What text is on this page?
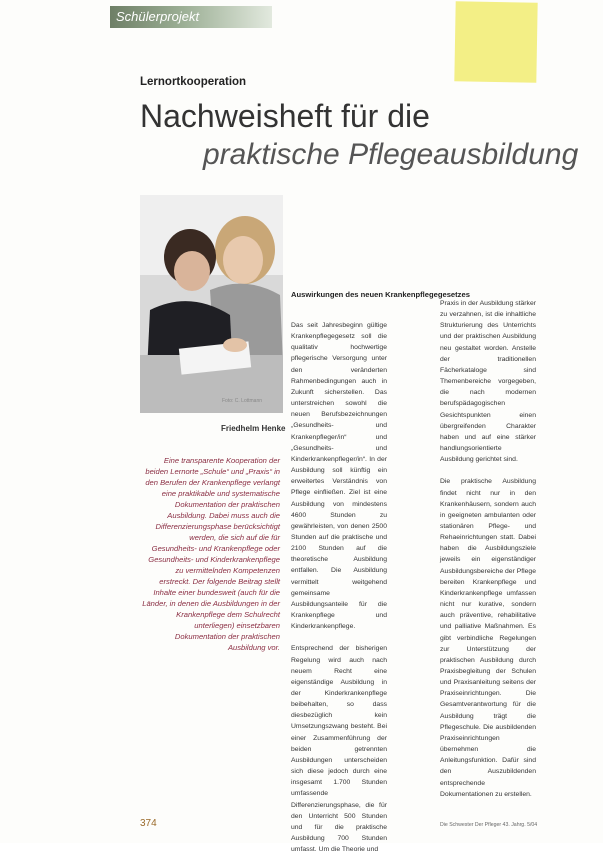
Schülerprojekt
Lernortkooperation
Nachweisheft für die
praktische Pflegeausbildung
Foto: C. Lottmann
Friedhelm Henke

Eine transparente Kooperation der beiden Lernorte „Schule“ und „Praxis“ in den Berufen der Krankenpflege verlangt eine praktikable und systematische Dokumentation der praktischen Ausbildung. Dabei muss auch die Differenzierungsphase berücksichtigt werden, die sich auf die für Gesundheits- und Krankenpflege oder Gesundheits- und Kinderkrankenpflege zu vermittelnden Kompetenzen erstreckt. Der folgende Beitrag stellt Inhalte einer bundesweit (auch für die Länder, in denen die Ausbildungen in der Krankenpflege dem Schulrecht unterliegen) einsetzbaren Dokumentation der praktischen Ausbildung vor.

Auswirkungen des neuen Krankenpflegegesetzes

Das seit Jahresbeginn gültige Krankenpflegegesetz soll die qualitativ hochwertige pflegerische Versorgung unter den veränderten Rahmenbedingungen auch in Zukunft sicherstellen. Das unterstreichen sowohl die neuen Berufsbezeichnungen „Gesundheits- und Krankenpfleger/in“ und „Gesundheits- und Kinderkrankenpfleger/in“. In der Ausbildung soll künftig ein erweitertes Verständnis von Pflege einfließen. Ziel ist eine Ausbildung von mindestens 4600 Stunden zu gewährleisten, von denen 2500 Stunden auf die praktische und 2100 Stunden auf die theoretische Ausbildung entfallen. Die Ausbildung vermittelt weitgehend gemeinsame Ausbildungsanteile für die Krankenpflege und Kinderkrankenpflege.

Entsprechend der bisherigen Regelung wird auch nach neuem Recht eine eigenständige Ausbildung in der Kinderkrankenpflege beibehalten, so dass diesbezüglich kein Umsetzungszwang besteht. Bei einer Zusammenführung der beiden getrennten Ausbildungen unterscheiden sich diese jedoch durch eine insgesamt 1.700 Stunden umfassende Differenzierungsphase, die für den Unterricht 500 Stunden und für die praktische Ausbildung 700 Stunden umfasst. Um die Theorie und

Praxis in der Ausbildung stärker zu verzahnen, ist die inhaltliche Strukturierung des Unterrichts und der praktischen Ausbildung neu gestaltet worden. Anstelle der traditionellen Fächerkataloge sind Themenbereiche vorgegeben, die nach modernen berufspädagogischen Gesichtspunkten einen übergreifenden Charakter haben und auf eine stärker handlungsorientierte Ausbildung gerichtet sind.

Die praktische Ausbildung findet nicht nur in den Krankenhäusern, sondern auch in geeigneten ambulanten oder stationären Pflege- und Rehaeinrichtungen statt. Dabei haben die Ausbildungsziele jeweils ein eigenständiger Ausbildungsbereiche der Pflege bereiten Krankenpflege und Kinderkrankenpflege umfassen nicht nur kurative, sondern auch präventive, rehabilitative und palliative Maßnahmen. Es gibt verbindliche Regelungen zur Unterstützung der praktischen Ausbildung durch Praxisbegleitung der Schulen und Praxisanleitung seitens der Praxiseinrichtungen. Die Gesamtverantwortung für die Ausbildung trägt die Pflegeschule. Die ausbildenden Praxiseinrichtungen übernehmen die Anleitungsfunktion. Dafür sind den Auszubildenden entsprechende Dokumentationen zu erstellen.

374	Die Schwester Der Pfleger 43. Jahrg. 5/04
